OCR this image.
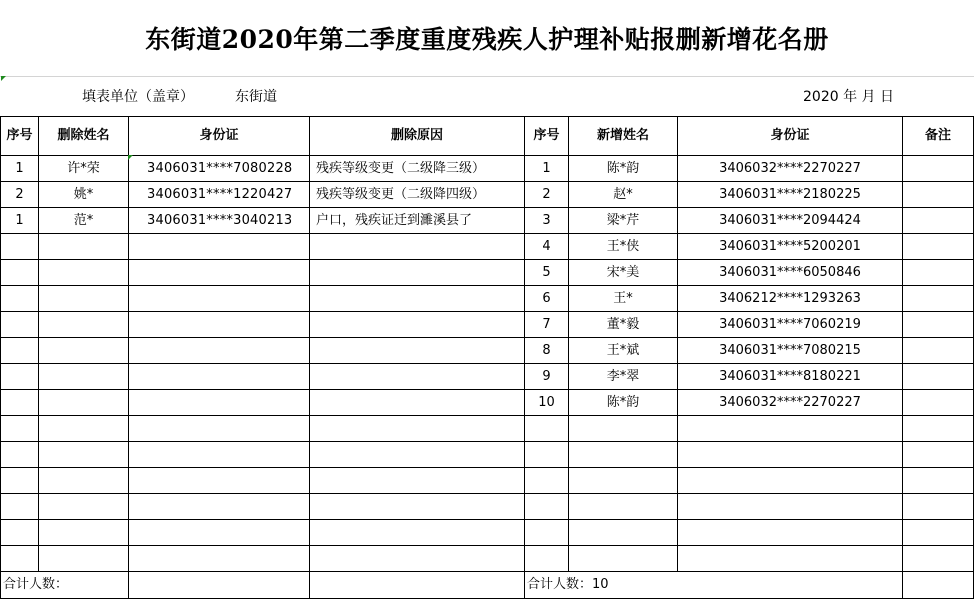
东街道2020年第二季度重度残疾人护理补贴报删新增花名册
填表单位（盖章）	东街道	2020 年 月 日
序号	删除姓名	身份证	删除原因	序号	新增姓名	身份证	备注
1	许*荣	3406031****7080228	残疾等级变更（二级降三级）	1	陈*韵	3406032****2270227	
2	姚*	3406031****1220427	残疾等级变更（二级降四级）	2	赵*	3406031****2180225	
1	范*	3406031****3040213	户口，残疾证迁到濉溪县了	3	梁*芹	3406031****2094424	
				4	王*侠	3406031****5200201	
				5	宋*美	3406031****6050846	
				6	王*	3406212****1293263	
				7	董*毅	3406031****7060219	
				8	王*斌	3406031****7080215	
				9	李*翠	3406031****8180221	
				10	陈*韵	3406032****2270227	

合计人数：				合计人数：10			
